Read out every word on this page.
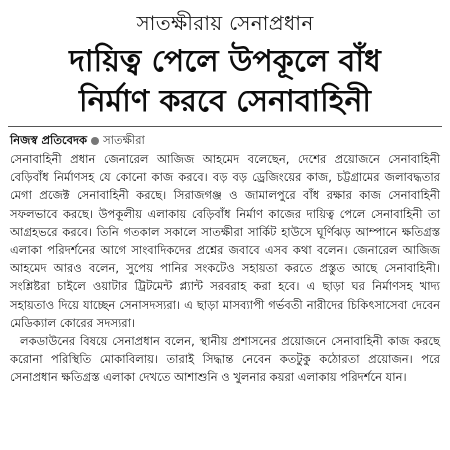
সাতক্ষীরায় সেনাপ্রধান
দায়িত্ব পেলে উপকূলে বাঁধ
নির্মাণ করবে সেনাবাহিনী
নিজস্ব প্রতিবেদক সাতক্ষীরা

সেনাবাহিনী প্রধান জেনারেল আজিজ আহমেদ বলেছেন, দেশের প্রয়োজনে সেনাবাহিনী বেড়িবাঁধ নির্মাণসহ যে কোনো কাজ করবে। বড় বড় ড্রেজিংয়ের কাজ, চট্টগ্রামের জলাবদ্ধতার মেগা প্রজেক্ট সেনাবাহিনী করছে। সিরাজগঞ্জ ও জামালপুরে বাঁধ রক্ষার কাজ সেনাবাহিনী সফলভাবে করছে। উপকূলীয় এলাকায় বেড়িবাঁধ নির্মাণ কাজের দায়িত্ব পেলে সেনাবাহিনী তা আগ্রহভরে করবে। তিনি গতকাল সকালে সাতক্ষীরা সার্কিট হাউসে ঘূর্ণিঝড় আম্পানে ক্ষতিগ্রস্ত এলাকা পরিদর্শনের আগে সাংবাদিকদের প্রশ্নের জবাবে এসব কথা বলেন। জেনারেল আজিজ আহমেদ আরও বলেন, সুপেয় পানির সংকটেও সহায়তা করতে প্রস্তুত আছে সেনাবাহিনী। সংশ্লিষ্টরা চাইলে ওয়াটার ট্রিটমেন্ট প্ল্যান্ট সরবরাহ করা হবে। এ ছাড়া ঘর নির্মাণসহ খাদ্য সহায়তাও দিয়ে যাচ্ছেন সেনাসদস্যরা। এ ছাড়া মাসব্যাপী গর্ভবতী নারীদের চিকিৎসাসেবা দেবেন মেডিক্যাল কোরের সদস্যরা।

লকডাউনের বিষয়ে সেনাপ্রধান বলেন, স্থানীয় প্রশাসনের প্রয়োজনে সেনাবাহিনী কাজ করছে করোনা পরিস্থিতি মোকাবিলায়। তারাই সিদ্ধান্ত নেবেন কতটুকু কঠোরতা প্রয়োজন। পরে সেনাপ্রধান ক্ষতিগ্রস্ত এলাকা দেখতে আশাশুনি ও খুলনার কয়রা এলাকায় পরিদর্শনে যান।
